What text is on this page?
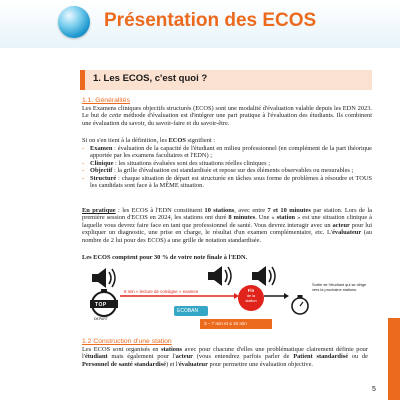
Présentation des ECOS
1. Les ECOS, c'est quoi ?
1.1. Généralités
Les Examens cliniques objectifs structurés (ECOS) sont une modalité d'évaluation valable depuis les EDN 2023. Le but de cette méthode d'évaluation est d'intégrer une part pratique à l'évaluation des étudiants. Ils combinent une évaluation du savoir, du savoir-faire et du savoir-être.
Si on s'en tient à la définition, les ECOS signifient :
- Examen : évaluation de la capacité de l'étudiant en milieu professionnel (en complément de la part théorique apportée par les examens facultaires et l'EDN) ;
- Clinique : les situations évaluées sont des situations réelles cliniques ;
- Objectif : la grille d'évaluation est standardisée et repose sur des éléments observables ou mesurables ;
- Structuré : chaque situation de départ est structurée en tâches sous forme de problèmes à résoudre et TOUS les candidats sont face à la MÊME situation.
En pratique : les ECOS à l'EDN constituent 10 stations, avec entre 7 et 10 minutes par station. Lors de la première session d'ECOS en 2024, les stations ont duré 8 minutes. Une « station » est une situation clinique à laquelle vous devrez faire face en tant que professionnel de santé. Vous devrez interagir avec un acteur pour lui expliquer un diagnostic, une prise en charge, le résultat d'un examen complémentaire, etc. L'évaluateur (au nombre de 2 lui pour des ECOS) a une grille de notation standardisée.
Les ECOS comptent pour 30 % de votre note finale à l'EDN.
TOP
DEPART
8 min « lecture de consigne » examen
ECOBAN
Fin
de la
station
3 – 7 min et ≤ 10 min
Sortie de l'étudiant qui se dirige vers la prochaine stations.
1.2 Construction d'une station
Les ECOS sont organisés en stations avec pour chacune d'elles une problématique clairement définie pour l'étudiant mais également pour l'acteur (vous entendrez parfois parler de Patient standardisé ou de Personnel de santé standardisé) et l'évaluateur pour permettre une évaluation objective.
5
